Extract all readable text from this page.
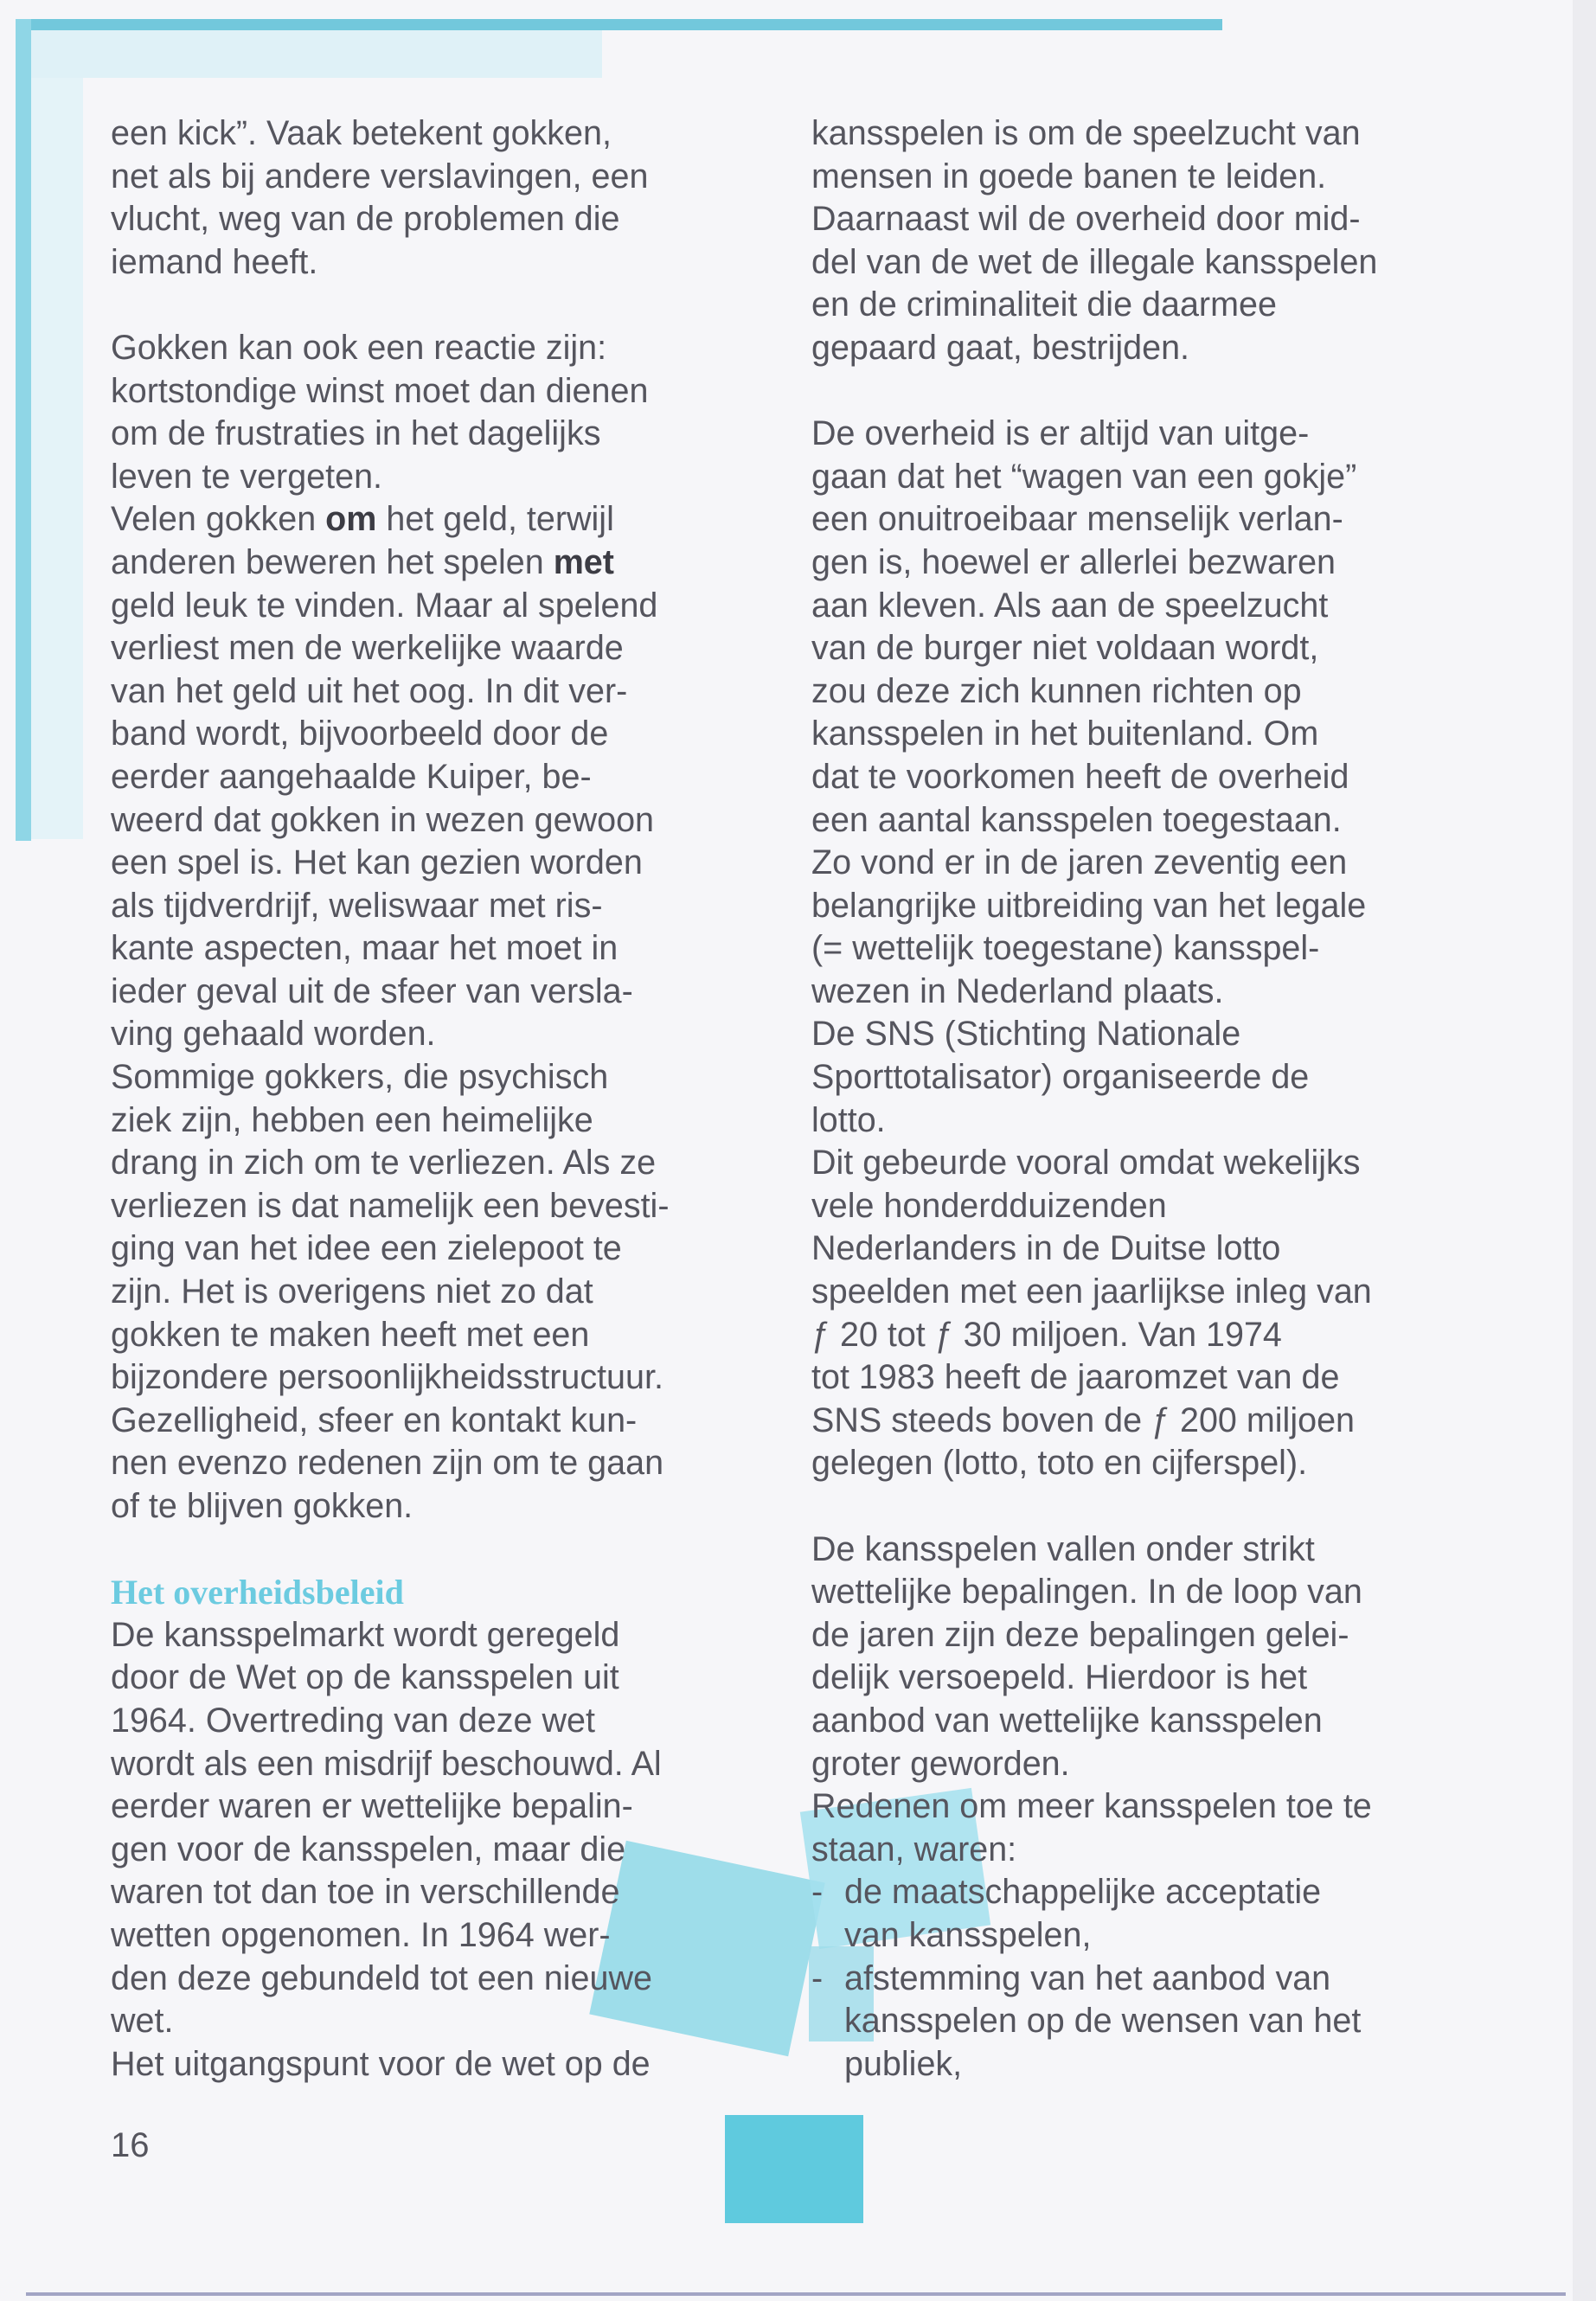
een kick”. Vaak betekent gokken,

net als bij andere verslavingen, een

vlucht, weg van de problemen die

iemand heeft.

Gokken kan ook een reactie zijn:

kortstondige winst moet dan dienen

om de frustraties in het dagelijks

leven te vergeten.

Velen gokken om het geld, terwijl

anderen beweren het spelen met

geld leuk te vinden. Maar al spelend

verliest men de werkelijke waarde

van het geld uit het oog. In dit ver-

band wordt, bijvoorbeeld door de

eerder aangehaalde Kuiper, be-

weerd dat gokken in wezen gewoon

een spel is. Het kan gezien worden

als tijdverdrijf, weliswaar met ris-

kante aspecten, maar het moet in

ieder geval uit de sfeer van versla-

ving gehaald worden.

Sommige gokkers, die psychisch

ziek zijn, hebben een heimelijke

drang in zich om te verliezen. Als ze

verliezen is dat namelijk een bevesti-

ging van het idee een zielepoot te

zijn. Het is overigens niet zo dat

gokken te maken heeft met een

bijzondere persoonlijkheidsstructuur.

Gezelligheid, sfeer en kontakt kun-

nen evenzo redenen zijn om te gaan

of te blijven gokken.

Het overheidsbeleid

De kansspelmarkt wordt geregeld

door de Wet op de kansspelen uit

1964. Overtreding van deze wet

wordt als een misdrijf beschouwd. Al

eerder waren er wettelijke bepalin-

gen voor de kansspelen, maar die

waren tot dan toe in verschillende

wetten opgenomen. In 1964 wer-

den deze gebundeld tot een nieuwe

wet.

Het uitgangspunt voor de wet op de

kansspelen is om de speelzucht van

mensen in goede banen te leiden.

Daarnaast wil de overheid door mid-

del van de wet de illegale kansspelen

en de criminaliteit die daarmee

gepaard gaat, bestrijden.

De overheid is er altijd van uitge-

gaan dat het “wagen van een gokje”

een onuitroeibaar menselijk verlan-

gen is, hoewel er allerlei bezwaren

aan kleven. Als aan de speelzucht

van de burger niet voldaan wordt,

zou deze zich kunnen richten op

kansspelen in het buitenland. Om

dat te voorkomen heeft de overheid

een aantal kansspelen toegestaan.

Zo vond er in de jaren zeventig een

belangrijke uitbreiding van het legale

(= wettelijk toegestane) kansspel-

wezen in Nederland plaats.

De SNS (Stichting Nationale

Sporttotalisator) organiseerde de

lotto.

Dit gebeurde vooral omdat wekelijks

vele honderdduizenden

Nederlanders in de Duitse lotto

speelden met een jaarlijkse inleg van

ƒ 20 tot ƒ 30 miljoen. Van 1974

tot 1983 heeft de jaaromzet van de

SNS steeds boven de ƒ 200 miljoen

gelegen (lotto, toto en cijferspel).

De kansspelen vallen onder strikt

wettelijke bepalingen. In de loop van

de jaren zijn deze bepalingen gelei-

delijk versoepeld. Hierdoor is het

aanbod van wettelijke kansspelen

groter geworden.

Redenen om meer kansspelen toe te

staan, waren:

- de maatschappelijke acceptatie

van kansspelen,

- afstemming van het aanbod van

kansspelen op de wensen van het

publiek,

16
